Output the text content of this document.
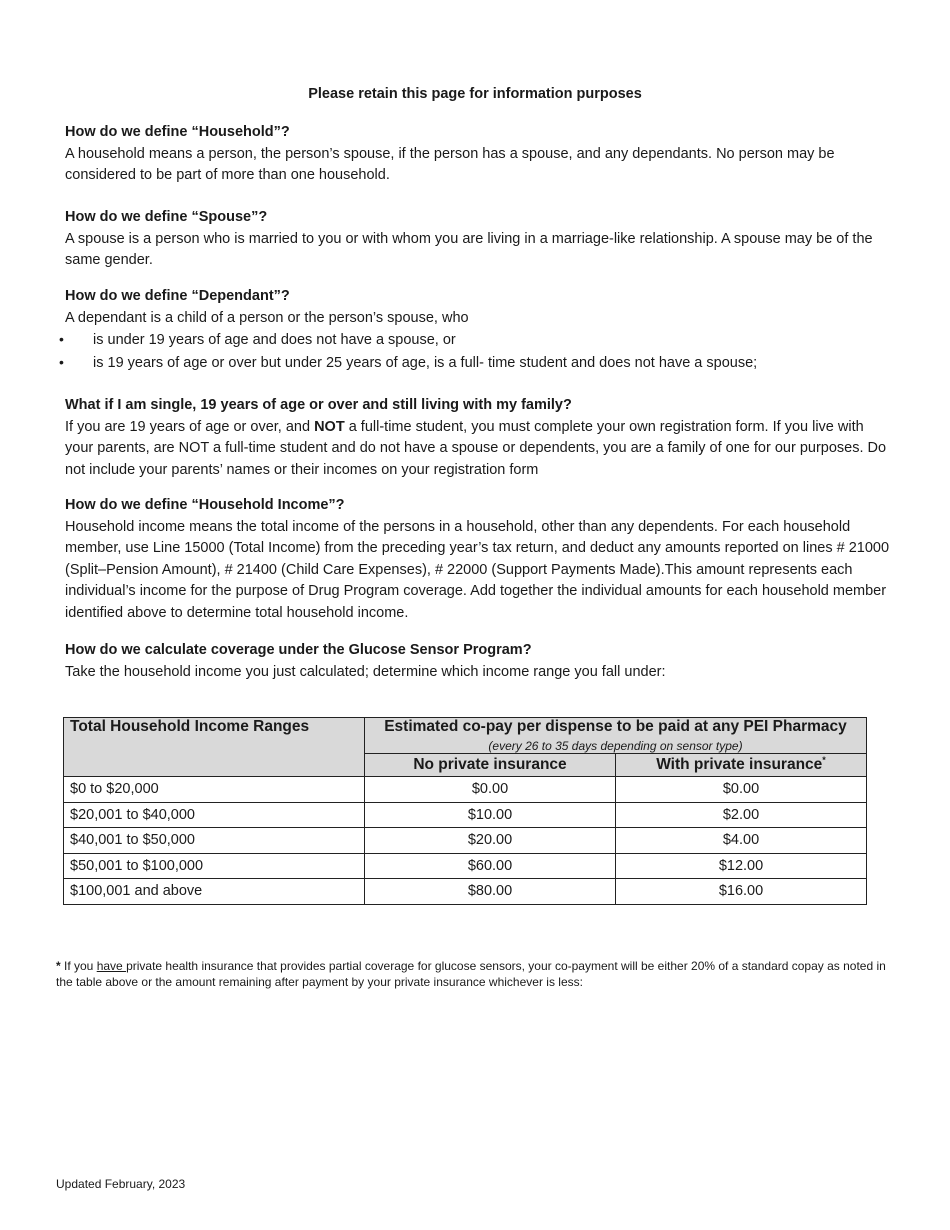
Please retain this page for information purposes
How do we define “Household”?

A household means a person, the person’s spouse, if the person has a spouse, and any dependants. No person may be considered to be part of more than one household.

How do we define “Spouse”?

A spouse is a person who is married to you or with whom you are living in a marriage-like relationship. A spouse may be of the same gender.

How do we define “Dependant”?

A dependant is a child of a person or the person’s spouse, who

• is under 19 years of age and does not have a spouse, or
• is 19 years of age or over but under 25 years of age, is a full- time student and does not have a spouse;
What if I am single, 19 years of age or over and still living with my family?

If you are 19 years of age or over, and NOT a full-time student, you must complete your own registration form. If you live with your parents, are NOT a full-time student and do not have a spouse or dependents, you are a family of one for our purposes. Do not include your parents’ names or their incomes on your registration form

How do we define “Household Income”?

Household income means the total income of the persons in a household, other than any dependents. For each household member, use Line 15000 (Total Income) from the preceding year’s tax return, and deduct any amounts reported on lines # 21000 (Split–Pension Amount), # 21400 (Child Care Expenses), # 22000 (Support Payments Made).This amount represents each individual’s income for the purpose of Drug Program coverage. Add together the individual amounts for each household member identified above to determine total household income.

How do we calculate coverage under the Glucose Sensor Program?

Take the household income you just calculated; determine which income range you fall under:

Total Household Income Ranges	Estimated co-pay per dispense to be paid at any PEI Pharmacy
(every 26 to 35 days depending on sensor type)	

	No private insurance	With private insurance*
$0 to $20,000	$0.00	$0.00
$20,001 to $40,000	$10.00	$2.00
$40,001 to $50,000	$20.00	$4.00
$50,001 to $100,000	$60.00	$12.00
$100,001 and above	$80.00	$16.00
* If you have private health insurance that provides partial coverage for glucose sensors, your co-payment will be either 20% of a standard copay as noted in the table above or the amount remaining after payment by your private insurance whichever is less:
Updated February, 2023
